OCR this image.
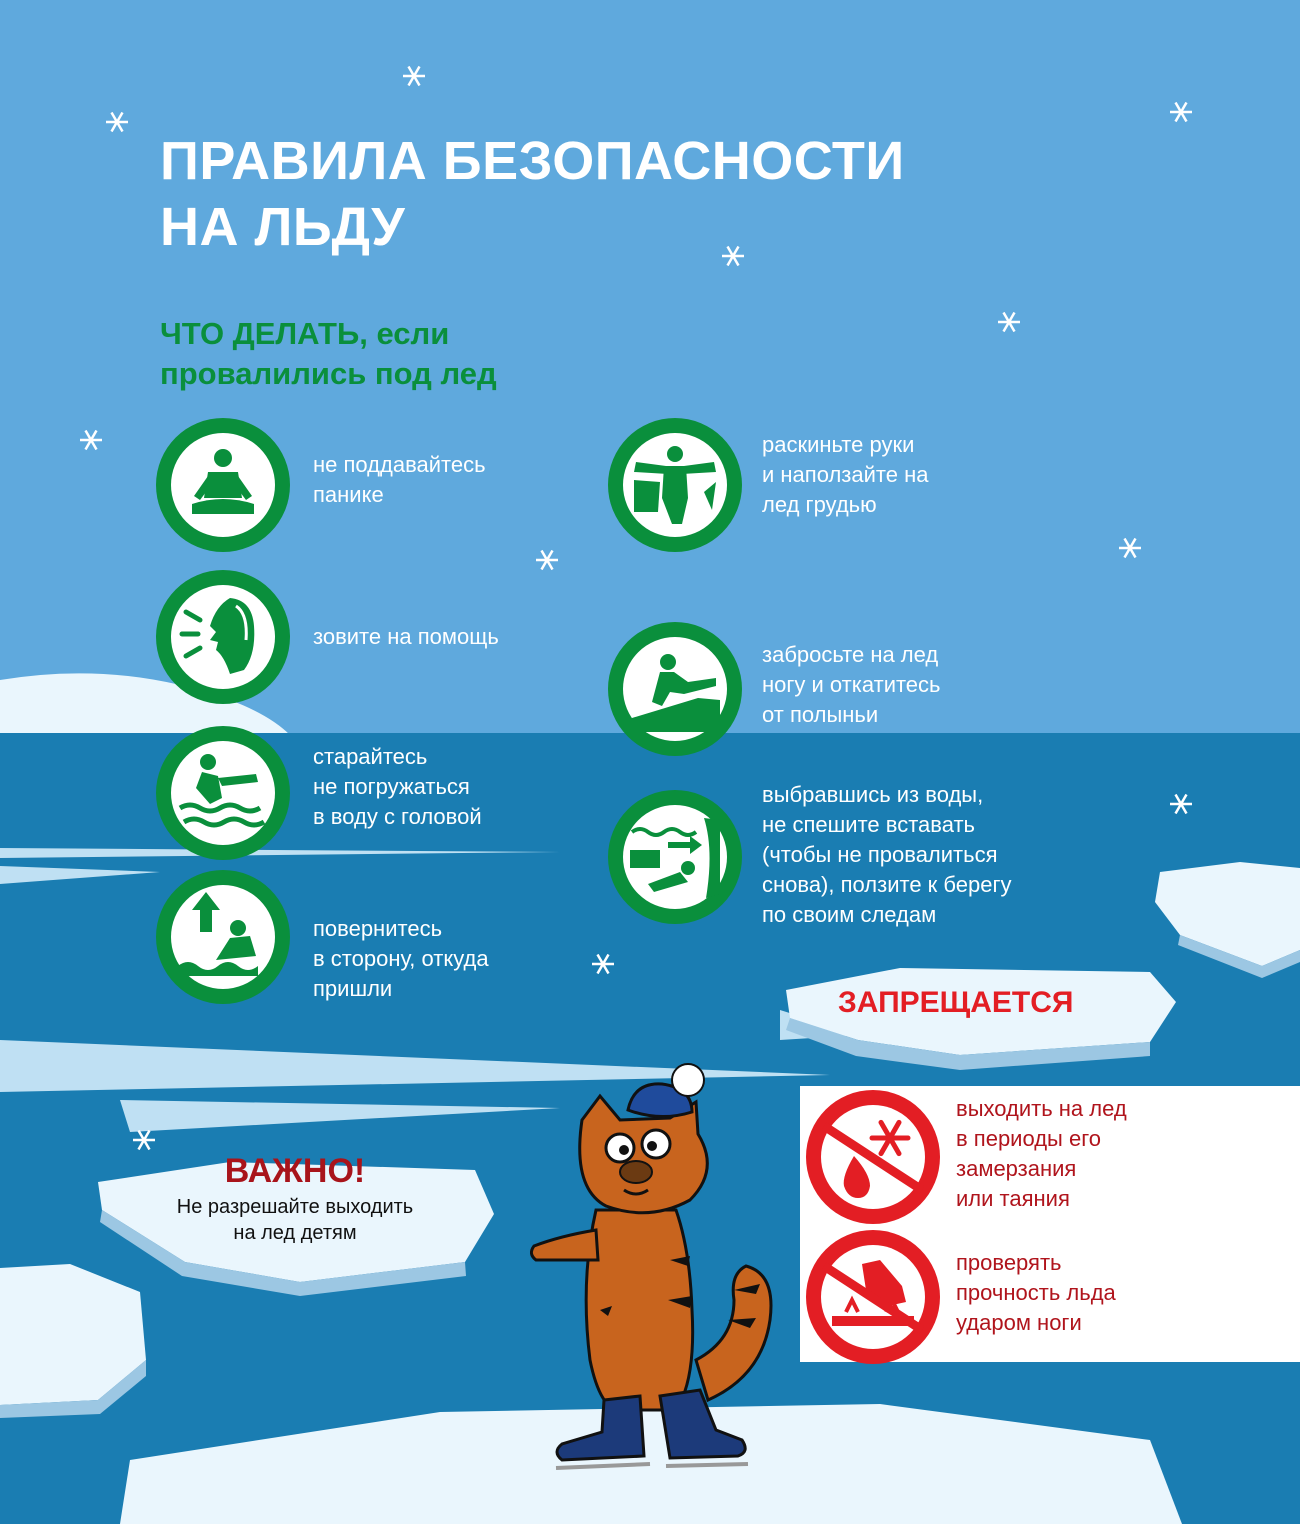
ПРАВИЛА БЕЗОПАСНОСТИ
НА ЛЬДУ
ЧТО ДЕЛАТЬ, если
провалились под лед
не поддавайтесь
панике
зовите на помощь
старайтесь
не погружаться
в воду с головой
повернитесь
в сторону, откуда
пришли
раскиньте руки
и наползайте на
лед грудью
забросьте на лед
ногу и откатитесь
от полыньи
выбравшись из воды,
не спешите вставать
(чтобы не провалиться
снова), ползите к берегу
по своим следам
ЗАПРЕЩАЕТСЯ
выходить на лед
в периоды его
замерзания
или таяния
проверять
прочность льда
ударом ноги
ВАЖНО!
Не разрешайте выходить
на лед детям
